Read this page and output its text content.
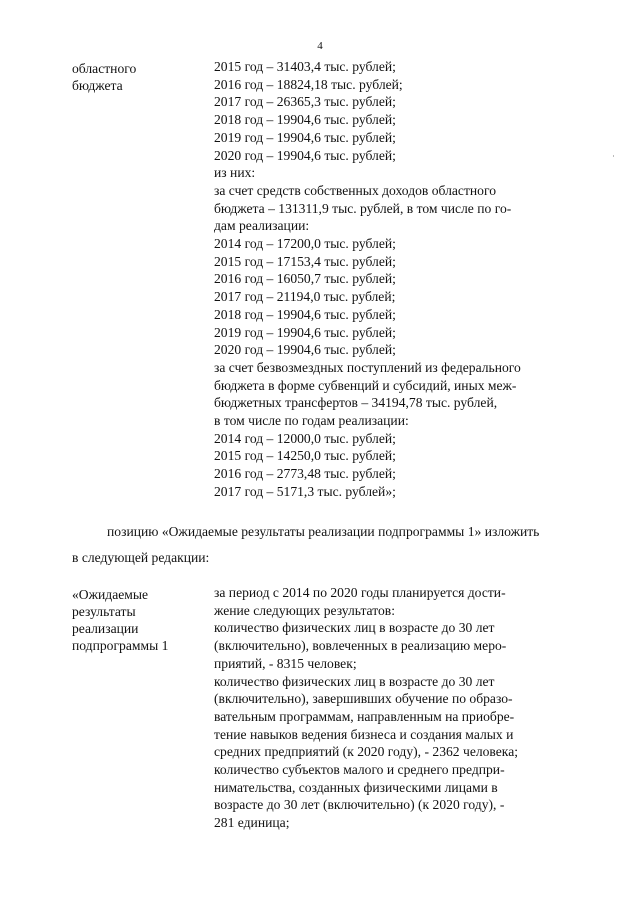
4
областного
бюджета
2015 год – 31403,4 тыс. рублей;
2016 год – 18824,18 тыс. рублей;
2017 год – 26365,3 тыс. рублей;
2018 год – 19904,6 тыс. рублей;
2019 год – 19904,6 тыс. рублей;
2020 год – 19904,6 тыс. рублей;
из них:
за счет средств собственных доходов областного
бюджета – 131311,9 тыс. рублей, в том числе по го-
дам реализации:
2014 год – 17200,0 тыс. рублей;
2015 год – 17153,4 тыс. рублей;
2016 год – 16050,7 тыс. рублей;
2017 год – 21194,0 тыс. рублей;
2018 год – 19904,6 тыс. рублей;
2019 год – 19904,6 тыс. рублей;
2020 год – 19904,6 тыс. рублей;
за счет безвозмездных поступлений из федерального
бюджета в форме субвенций и субсидий, иных меж-
бюджетных трансфертов – 34194,78 тыс. рублей,
в том числе по годам реализации:
2014 год – 12000,0 тыс. рублей;
2015 год – 14250,0 тыс. рублей;
2016 год – 2773,48 тыс. рублей;
2017 год – 5171,3 тыс. рублей»;
позицию «Ожидаемые результаты реализации подпрограммы 1» изложить
в следующей редакции:
«Ожидаемые
результаты
реализации
подпрограммы 1
за период с 2014 по 2020 годы планируется дости-
жение следующих результатов:
количество физических лиц в возрасте до 30 лет
(включительно), вовлеченных в реализацию меро-
приятий, - 8315 человек;
количество физических лиц в возрасте до 30 лет
(включительно), завершивших обучение по образо-
вательным программам, направленным на приобре-
тение навыков ведения бизнеса и создания малых и
средних предприятий (к 2020 году), - 2362 человека;
количество субъектов малого и среднего предпри-
нимательства, созданных физическими лицами в
возрасте до 30 лет (включительно) (к 2020 году), -
281 единица;
